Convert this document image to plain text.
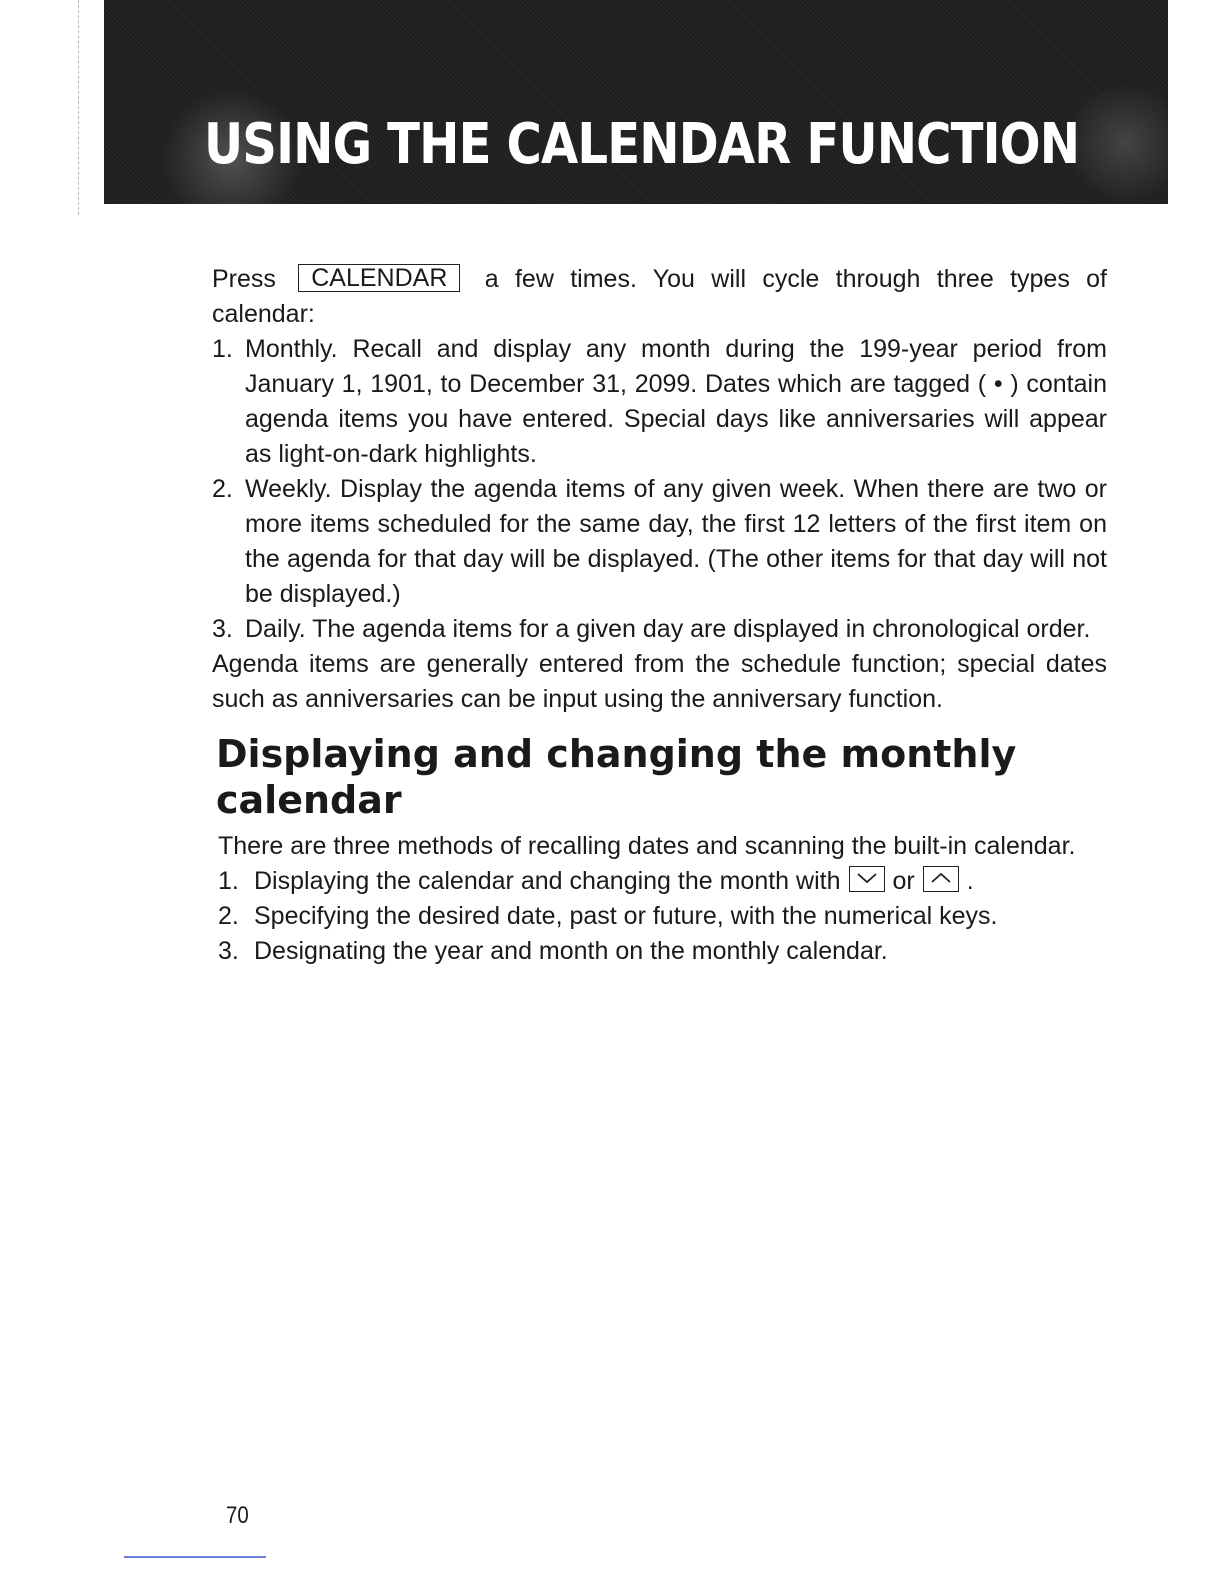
USING THE CALENDAR FUNCTION

Press CALENDAR a few times. You will cycle through three types of calendar:

1. Monthly. Recall and display any month during the 199-year period from January 1, 1901, to December 31, 2099. Dates which are tagged ( • ) contain agenda items you have entered. Special days like anniversaries will appear as light-on-dark highlights.
2. Weekly. Display the agenda items of any given week. When there are two or more items scheduled for the same day, the first 12 letters of the first item on the agenda for that day will be displayed. (The other items for that day will not be displayed.)
3. Daily. The agenda items for a given day are displayed in chronological order.

Agenda items are generally entered from the schedule function; special dates such as anniversaries can be input using the anniversary function.

Displaying and changing the monthly calendar

There are three methods of recalling dates and scanning the built-in calendar.

1. Displaying the calendar and changing the month with or .
2. Specifying the desired date, past or future, with the numerical keys.
3. Designating the year and month on the monthly calendar.
70
